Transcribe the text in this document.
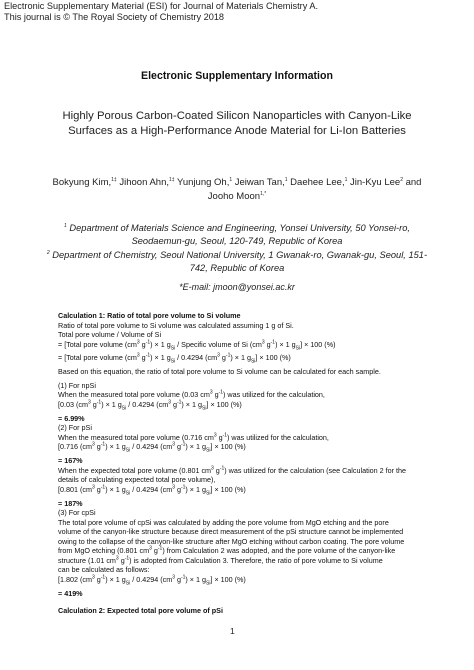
Electronic Supplementary Material (ESI) for Journal of Materials Chemistry A.
This journal is © The Royal Society of Chemistry 2018
Electronic Supplementary Information
Highly Porous Carbon-Coated Silicon Nanoparticles with Canyon-Like
Surfaces as a High-Performance Anode Material for Li-Ion Batteries
Bokyung Kim,$^{1\ddagger}$ Jihoon Ahn,$^{1\ddagger}$ Yunjung Oh,$^1$ Jeiwan Tan,$^1$ Daehee Lee,$^1$ Jin-Kyu Lee$^2$ and
Jooho Moon$^{1,*}$
$^1$ Department of Materials Science and Engineering, Yonsei University, 50 Yonsei-ro,
Seodaemun-gu, Seoul, 120-749, Republic of Korea
$^2$ Department of Chemistry, Seoul National University, 1 Gwanak-ro, Gwanak-gu, Seoul, 151-
742, Republic of Korea
*E-mail: jmoon@yonsei.ac.kr
Calculation 1: Ratio of total pore volume to Si volume
Ratio of total pore volume to Si volume was calculated assuming 1 g of Si.
Total pore volume / Volume of Si
= [Total pore volume ($cm^3$ $g^{-1}) \times 1$ $g_{Si}$ / Specific volume of Si ($cm^3$ $g^{-1}) \times 1$ $g_{Si}] \times 100$ (%)
= [Total pore volume ($cm^3$ $g^{-1}) \times 1$ $g_{Si} / 0.4294$ ($cm^3$ $g^{-1}) \times 1$ $g_{Si}] \times 100$ (%)
Based on this equation, the ratio of total pore volume to Si volume can be calculated for each sample.
(1) For npSi
When the measured total pore volume (0.03 $cm^3$ $g^{-1}$) was utilized for the calculation,
[0.03 ($cm^3$ $g^{-1}) \times 1$ $g_{Si} / 0.4294$ ($cm^3$ $g^{-1}) \times 1$ $g_{Si}] \times 100$ (%)
= 6.99%
(2) For pSi
When the measured total pore volume (0.716 $cm^3$ $g^{-1}$) was utilized for the calculation,
[0.716 ($cm^3$ $g^{-1}) \times 1$ $g_{Si} / 0.4294$ ($cm^3$ $g^{-1}) \times 1$ $g_{Si}] \times 100$ (%)
= 167%
When the expected total pore volume (0.801 $cm^3$ $g^{-1}$) was utilized for the calculation (see Calculation 2 for the
details of calculating expected total pore volume),
[0.801 ($cm^3$ $g^{-1}) \times 1$ $g_{Si} / 0.4294$ ($cm^3$ $g^{-1}) \times 1$ $g_{Si}] \times 100$ (%)
= 187%
(3) For cpSi
The total pore volume of cpSi was calculated by adding the pore volume from MgO etching and the pore
volume of the canyon-like structure because direct measurement of the pSi structure cannot be implemented
owing to the collapse of the canyon-like structure after MgO etching without carbon coating. The pore volume
from MgO etching (0.801 $cm^3$ $g^{-1}$) from Calculation 2 was adopted, and the pore volume of the canyon-like
structure (1.01 $cm^3$ $g^{-1}$) is adopted from Calculation 3. Therefore, the ratio of pore volume to Si volume
can be calculated as follows:
[1.802 ($cm^3$ $g^{-1}) \times 1$ $g_{Si} / 0.4294$ ($cm^3$ $g^{-1}) \times 1$ $g_{Si}] \times 100$ (%)
= 419%
Calculation 2: Expected total pore volume of pSi
1
